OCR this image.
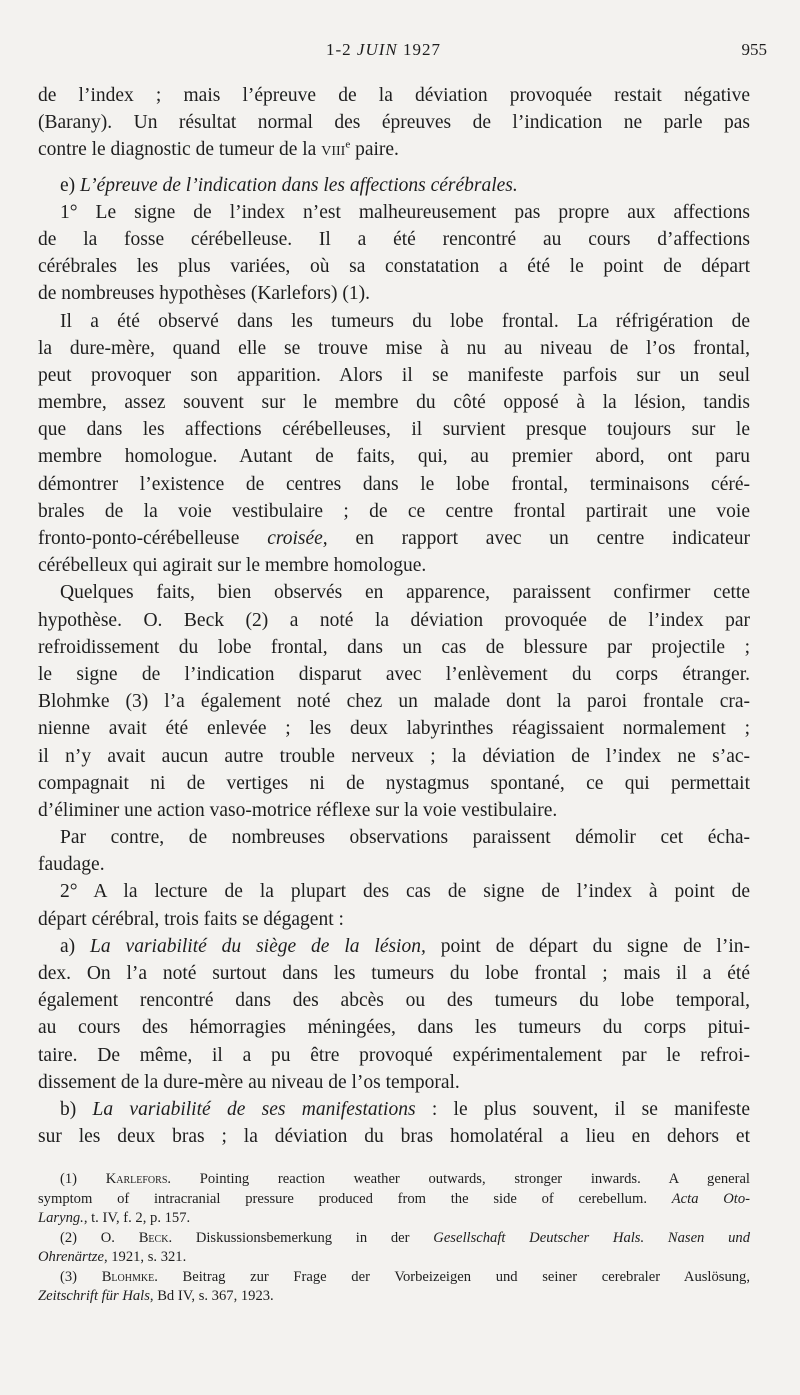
1-2 JUIN 1927	955
de l’index ; mais l’épreuve de la déviation provoquée restait négative
(Barany). Un résultat normal des épreuves de l’indication ne parle pas
contre le diagnostic de tumeur de la viii$^e$ paire.
e) L’épreuve de l’indication dans les affections cérébrales.
1° Le signe de l’index n’est malheureusement pas propre aux affections
de la fosse cérébelleuse. Il a été rencontré au cours d’affections
cérébrales les plus variées, où sa constatation a été le point de départ
de nombreuses hypothèses (Karlefors) (1).
Il a été observé dans les tumeurs du lobe frontal. La réfrigération de
la dure-mère, quand elle se trouve mise à nu au niveau de l’os frontal,
peut provoquer son apparition. Alors il se manifeste parfois sur un seul
membre, assez souvent sur le membre du côté opposé à la lésion, tandis
que dans les affections cérébelleuses, il survient presque toujours sur le
membre homologue. Autant de faits, qui, au premier abord, ont paru
démontrer l’existence de centres dans le lobe frontal, terminaisons céré-
brales de la voie vestibulaire ; de ce centre frontal partirait une voie
fronto-ponto-cérébelleuse croisée, en rapport avec un centre indicateur
cérébelleux qui agirait sur le membre homologue.
Quelques faits, bien observés en apparence, paraissent confirmer cette
hypothèse. O. Beck (2) a noté la déviation provoquée de l’index par
refroidissement du lobe frontal, dans un cas de blessure par projectile ;
le signe de l’indication disparut avec l’enlèvement du corps étranger.
Blohmke (3) l’a également noté chez un malade dont la paroi frontale cra-
nienne avait été enlevée ; les deux labyrinthes réagissaient normalement ;
il n’y avait aucun autre trouble nerveux ; la déviation de l’index ne s’ac-
compagnait ni de vertiges ni de nystagmus spontané, ce qui permettait
d’éliminer une action vaso-motrice réflexe sur la voie vestibulaire.
Par contre, de nombreuses observations paraissent démolir cet écha-
faudage.
2° A la lecture de la plupart des cas de signe de l’index à point de
départ cérébral, trois faits se dégagent :
a) La variabilité du siège de la lésion, point de départ du signe de l’in-
dex. On l’a noté surtout dans les tumeurs du lobe frontal ; mais il a été
également rencontré dans des abcès ou des tumeurs du lobe temporal,
au cours des hémorragies méningées, dans les tumeurs du corps pitui-
taire. De même, il a pu être provoqué expérimentalement par le refroi-
dissement de la dure-mère au niveau de l’os temporal.
b) La variabilité de ses manifestations : le plus souvent, il se manifeste
sur les deux bras ; la déviation du bras homolatéral a lieu en dehors et
(1) Karlefors. Pointing reaction weather outwards, stronger inwards. A general
symptom of intracranial pressure produced from the side of cerebellum. Acta Oto-
Laryng., t. IV, f. 2, p. 157.
(2) O. Beck. Diskussionsbemerkung in der Gesellschaft Deutscher Hals. Nasen und
Ohrenärtze, 1921, s. 321.
(3) Blohmke. Beitrag zur Frage der Vorbeizeigen und seiner cerebraler Auslösung,
Zeitschrift für Hals, Bd IV, s. 367, 1923.
